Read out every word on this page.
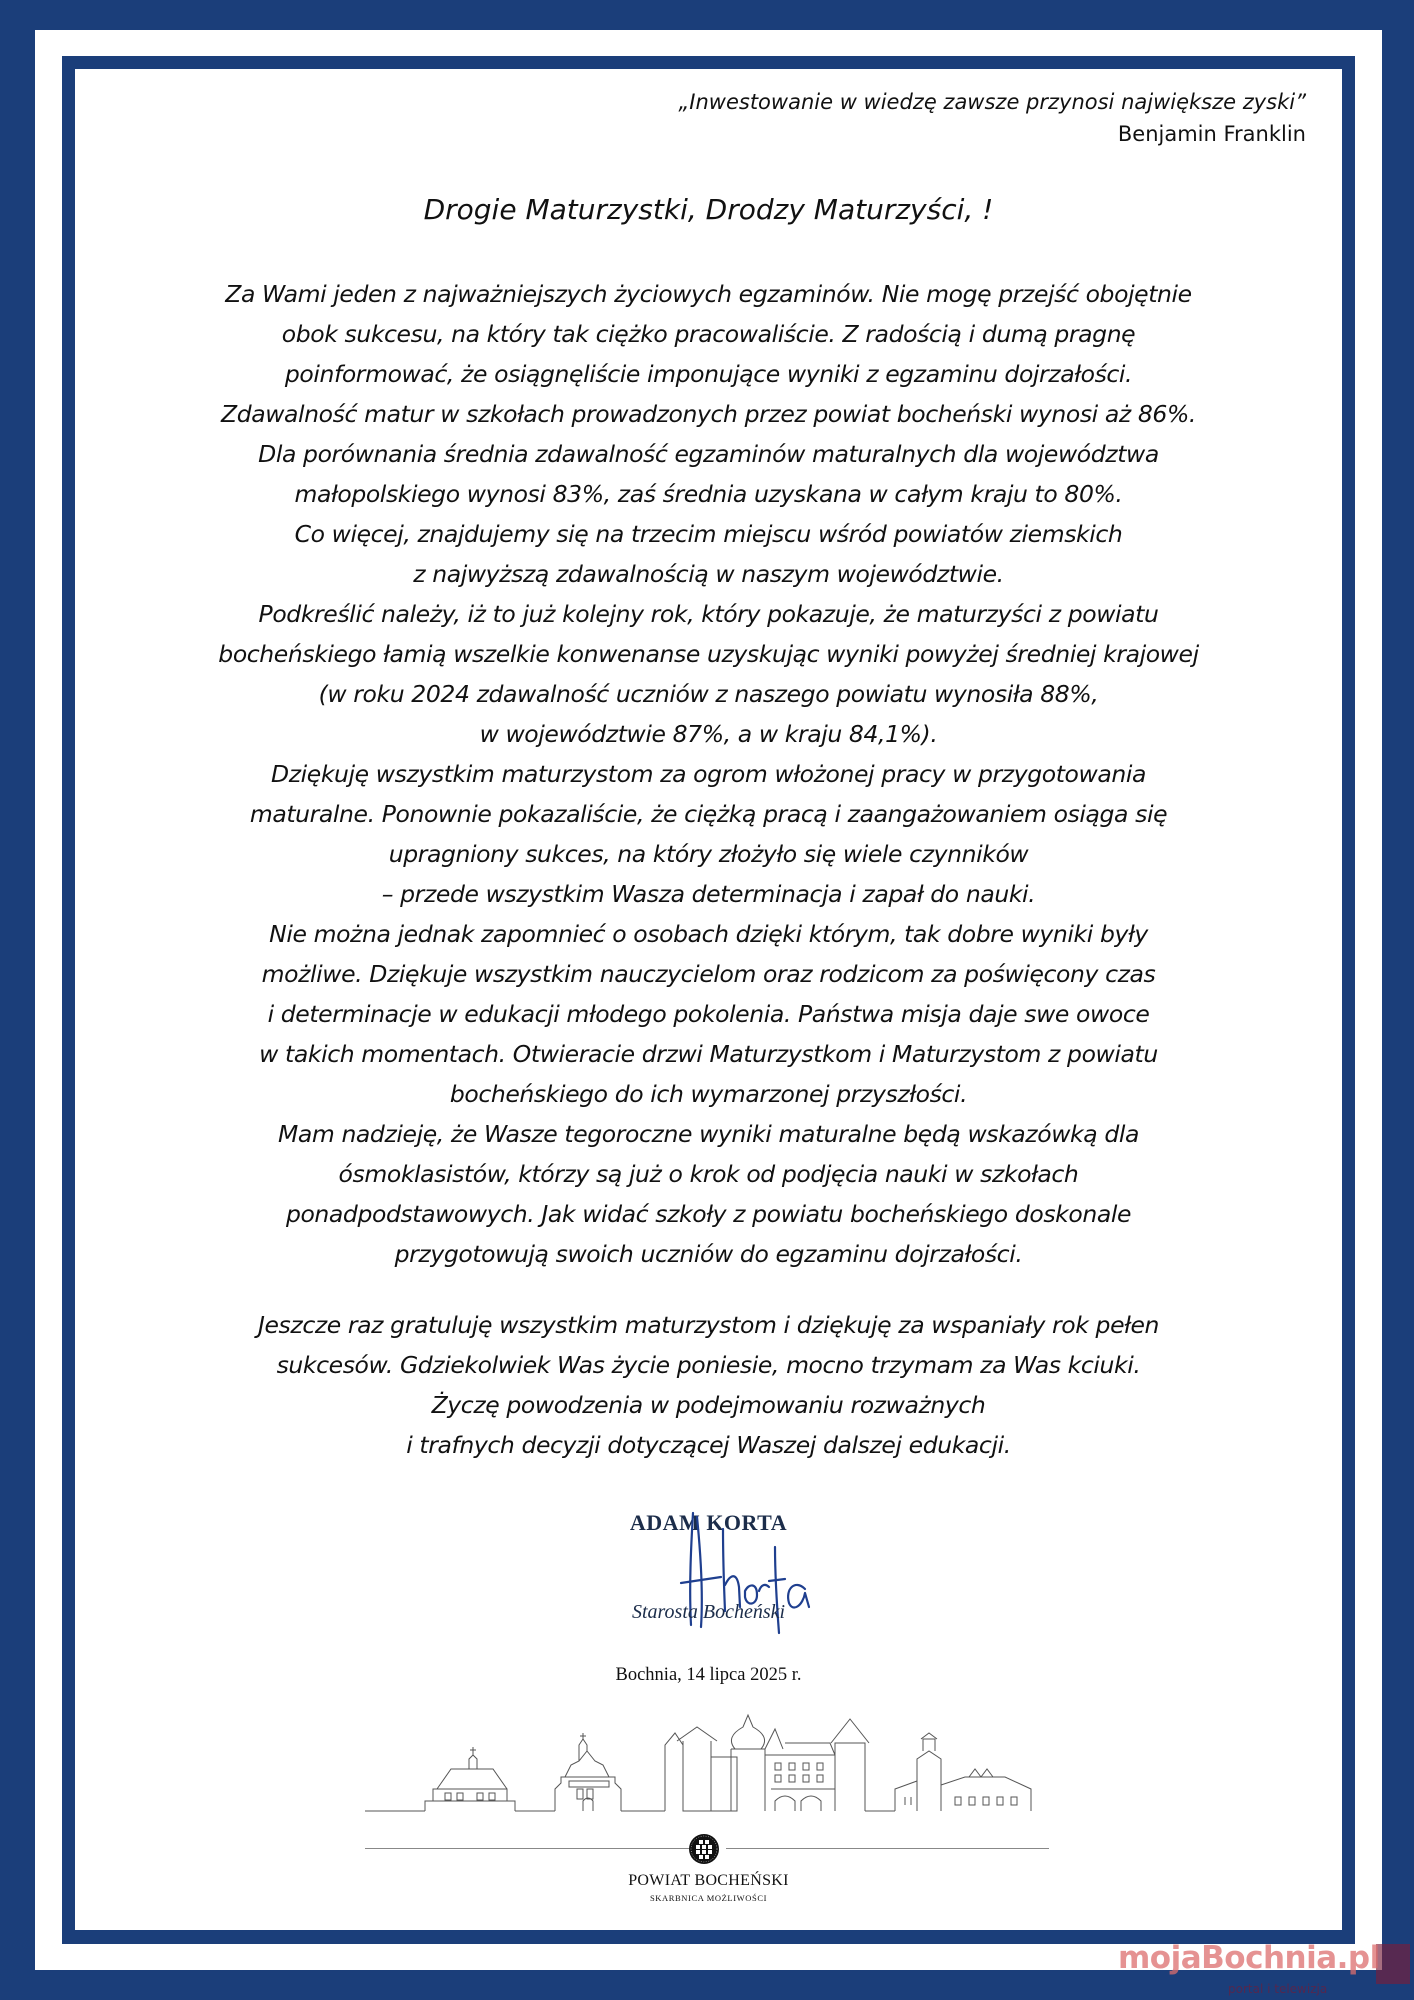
„Inwestowanie w wiedzę zawsze przynosi największe zyski”
Benjamin Franklin
Drogie Maturzystki, Drodzy Maturzyści, !
Za Wami jeden z najważniejszych życiowych egzaminów. Nie mogę przejść obojętnie
obok sukcesu, na który tak ciężko pracowaliście. Z radością i dumą pragnę
poinformować, że osiągnęliście imponujące wyniki z egzaminu dojrzałości.
Zdawalność matur w szkołach prowadzonych przez powiat bocheński wynosi aż 86%.
Dla porównania średnia zdawalność egzaminów maturalnych dla województwa
małopolskiego wynosi 83%, zaś średnia uzyskana w całym kraju to 80%.
Co więcej, znajdujemy się na trzecim miejscu wśród powiatów ziemskich
z najwyższą zdawalnością w naszym województwie.
Podkreślić należy, iż to już kolejny rok, który pokazuje, że maturzyści z powiatu
bocheńskiego łamią wszelkie konwenanse uzyskując wyniki powyżej średniej krajowej
(w roku 2024 zdawalność uczniów z naszego powiatu wynosiła 88%,
w województwie 87%, a w kraju 84,1%).
Dziękuję wszystkim maturzystom za ogrom włożonej pracy w przygotowania
maturalne. Ponownie pokazaliście, że ciężką pracą i zaangażowaniem osiąga się
upragniony sukces, na który złożyło się wiele czynników
– przede wszystkim Wasza determinacja i zapał do nauki.
Nie można jednak zapomnieć o osobach dzięki którym, tak dobre wyniki były
możliwe. Dziękuje wszystkim nauczycielom oraz rodzicom za poświęcony czas
i determinacje w edukacji młodego pokolenia. Państwa misja daje swe owoce
w takich momentach. Otwieracie drzwi Maturzystkom i Maturzystom z powiatu
bocheńskiego do ich wymarzonej przyszłości.
Mam nadzieję, że Wasze tegoroczne wyniki maturalne będą wskazówką dla
ósmoklasistów, którzy są już o krok od podjęcia nauki w szkołach
ponadpodstawowych. Jak widać szkoły z powiatu bocheńskiego doskonale
przygotowują swoich uczniów do egzaminu dojrzałości.
Jeszcze raz gratuluję wszystkim maturzystom i dziękuję za wspaniały rok pełen
sukcesów. Gdziekolwiek Was życie poniesie, mocno trzymam za Was kciuki.
Życzę powodzenia w podejmowaniu rozważnych
i trafnych decyzji dotyczącej Waszej dalszej edukacji.
ADAM KORTA
Starosta Bocheński
Bochnia, 14 lipca 2025 r.
POWIAT BOCHEŃSKI
SKARBNICA MOŻLIWOŚCI
mojaBochnia.pl
portal i telewizja
